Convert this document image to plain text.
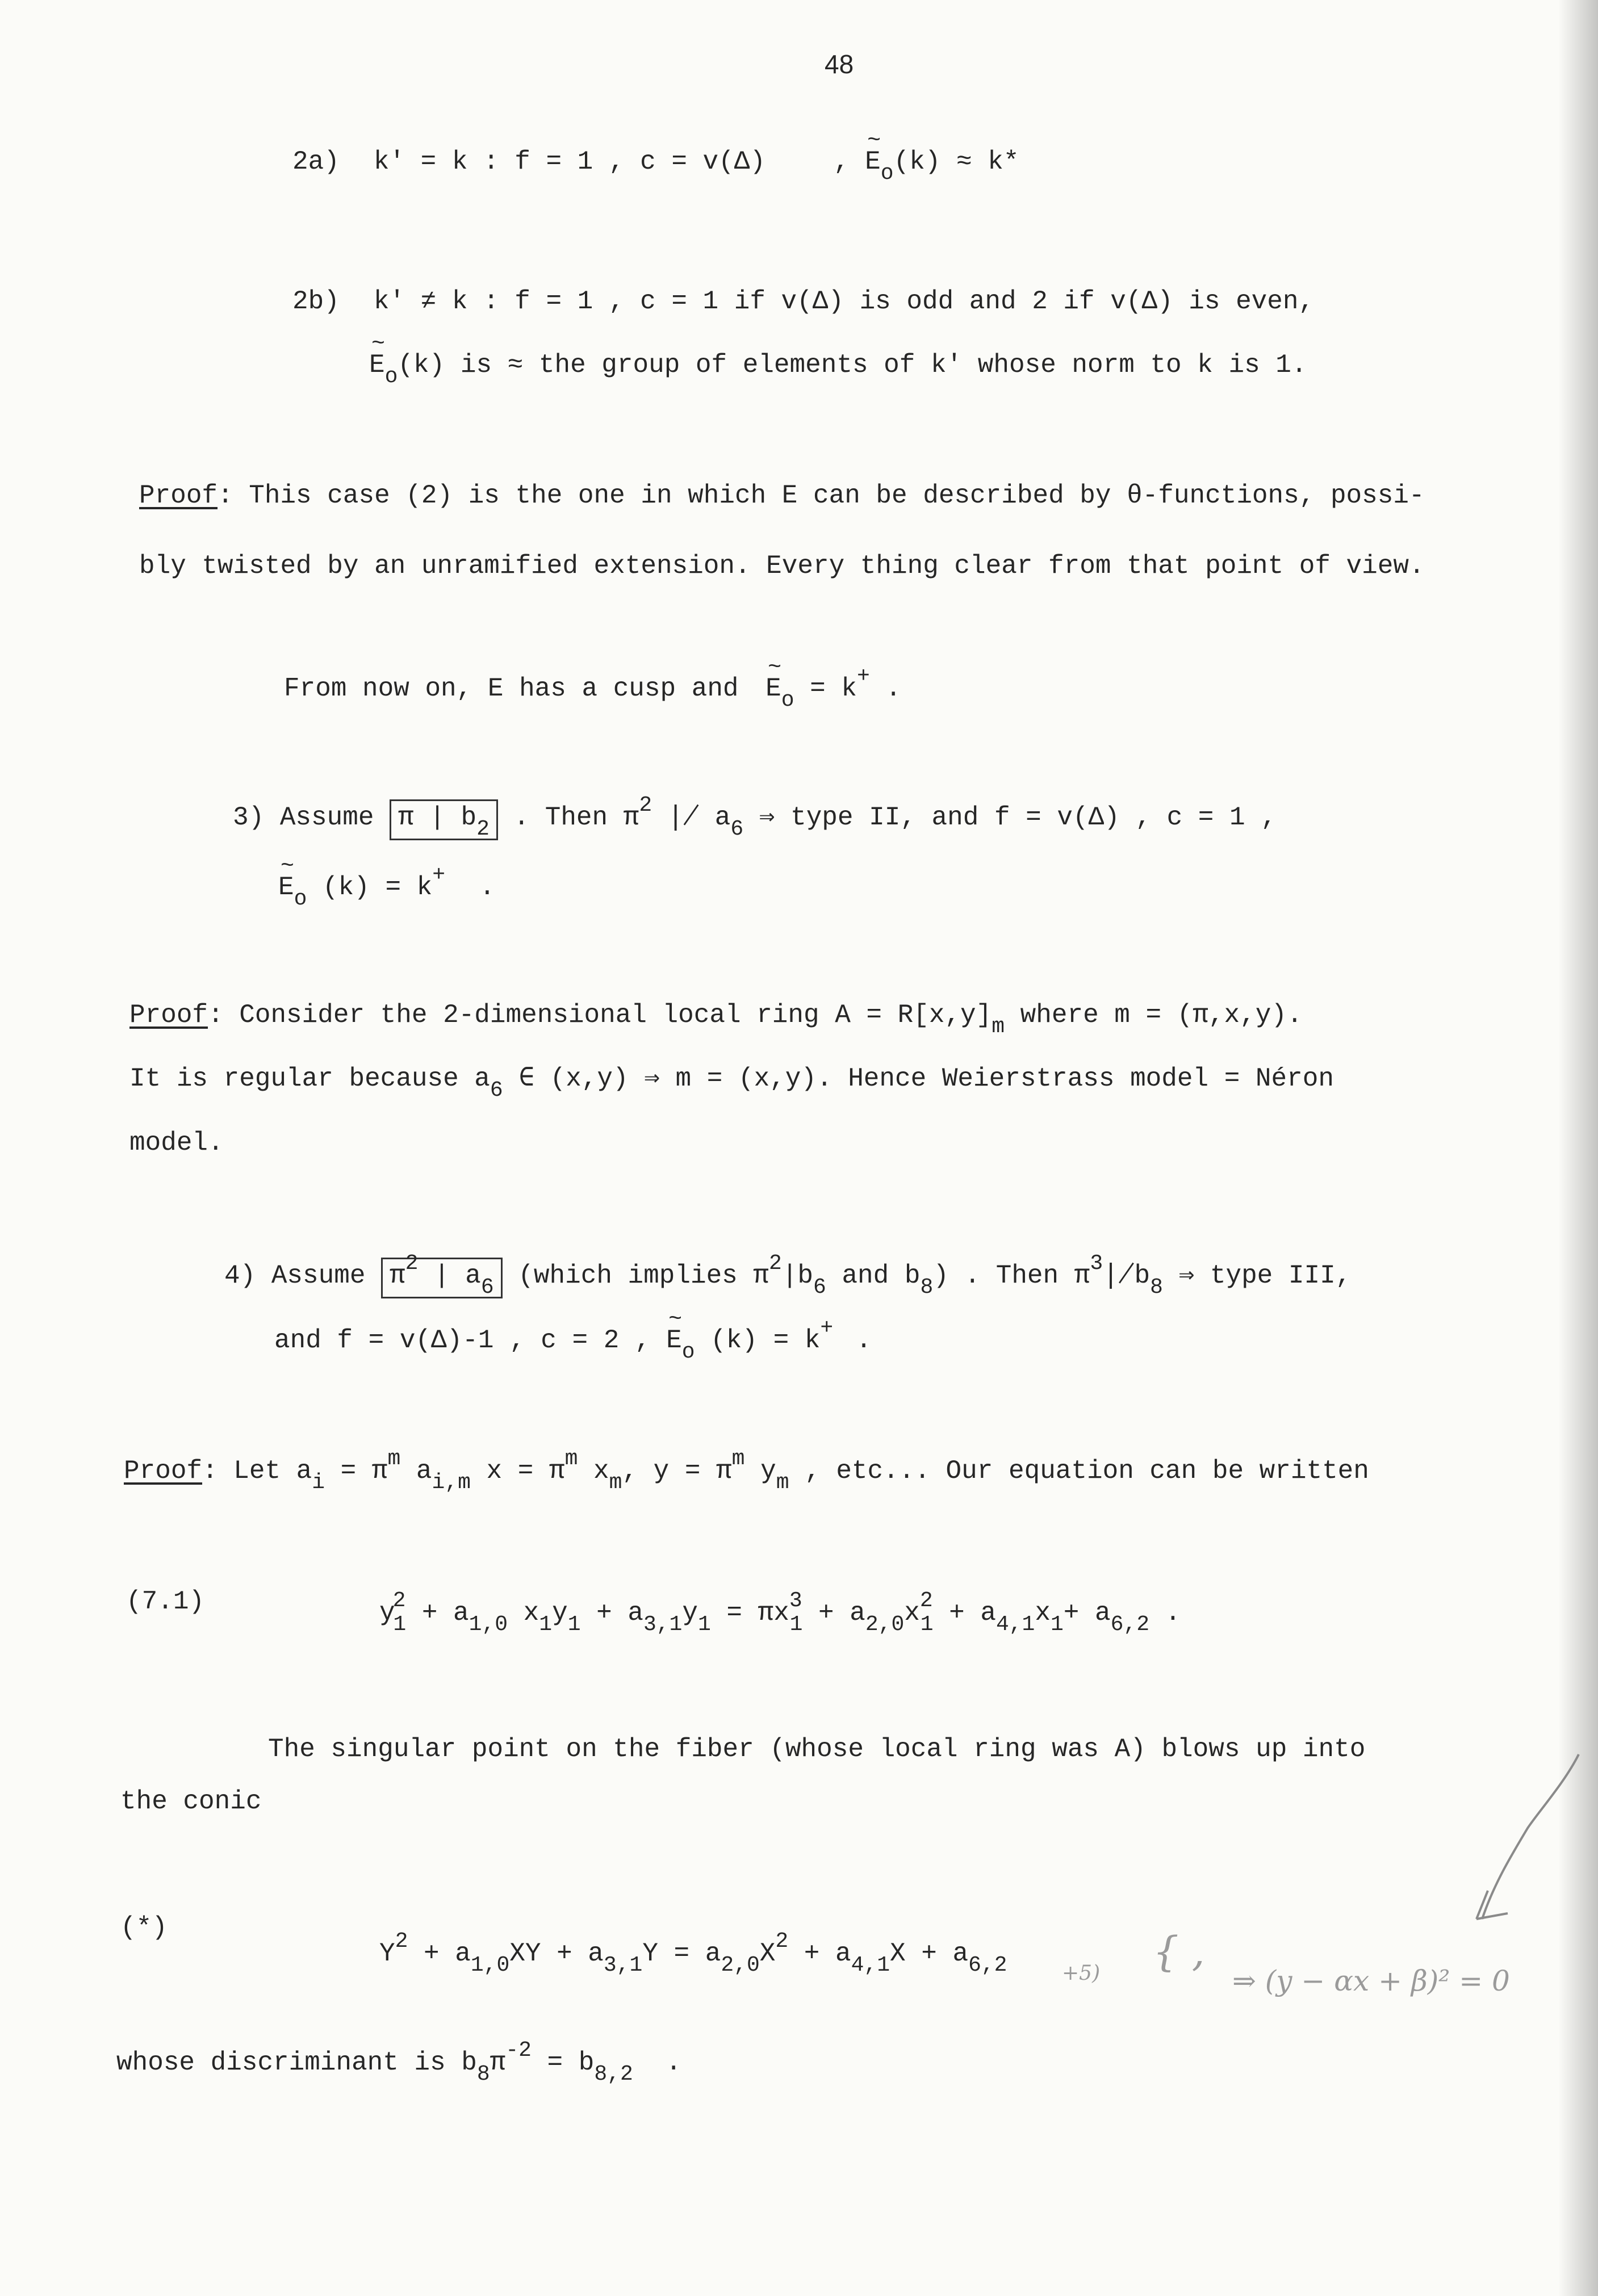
48
2a) k' = k : f = 1 , c = v(Δ)	, ~ $E_o(k) \approx k*$
2b) k' ≠ k : f = 1 , c = 1 if v(Δ) is odd and 2 if v(Δ) is even,
~ $E_o(k)$ is ≈ the group of elements of k' whose norm to k is 1.
Proof: This case (2) is the one in which E can be described by θ-functions, possi-
bly twisted by an unramified extension. Every thing clear from that point of view.
From now on, E has a cusp and ~ $E_o = k^+$ .
3) Assume π | $b_2$ . Then $\pi^2$ ∤ $a_6$ ⇒ type II, and f = v(Δ) , c = 1 ,
~ $E_o$ (k) = k+ .
Proof: Consider the 2-dimensional local ring $A = R[x,y]_m$ where m = (π,x,y).
It is regular because $a_6$ ∈ (x,y) ⇒ m = (x,y). Hence Weierstrass model = Néron
model.
4) Assume $\pi^2$ | $a_6$ (which implies $\pi^2|b_6$ and $b_8$) . Then $\pi^3∤b_8$ ⇒ type III,
and f = v(Δ)-1 , c = 2 , ~ $E_o$ (k) = k+ .
Proof: Let $a_i = \pi^m$ $a_{i,m}$ $x = \pi^m$ $x_m$, $y = \pi^m$ $y_m$ , etc... Our equation can be written
(7.1)	$y^2_1 + a_{1,0}$ $x_1y_1 + a_{3,1}y_1 = \pi x^3_1 + a_{2,0}x^2_1 + a_{4,1}x_1+ a_{6,2}$ .
The singular point on the fiber (whose local ring was A) blows up into
the conic
(*)
$Y^2 + a_{1,0}XY + a_{3,1}Y = a_{2,0}X^2 + a_{4,1}X + a_{6,2}$
whose discriminant is $b_8\pi^{-2} = b_{8,2}$ .
{ ,
+5)	⇒ (y − αx + β)² = 0
